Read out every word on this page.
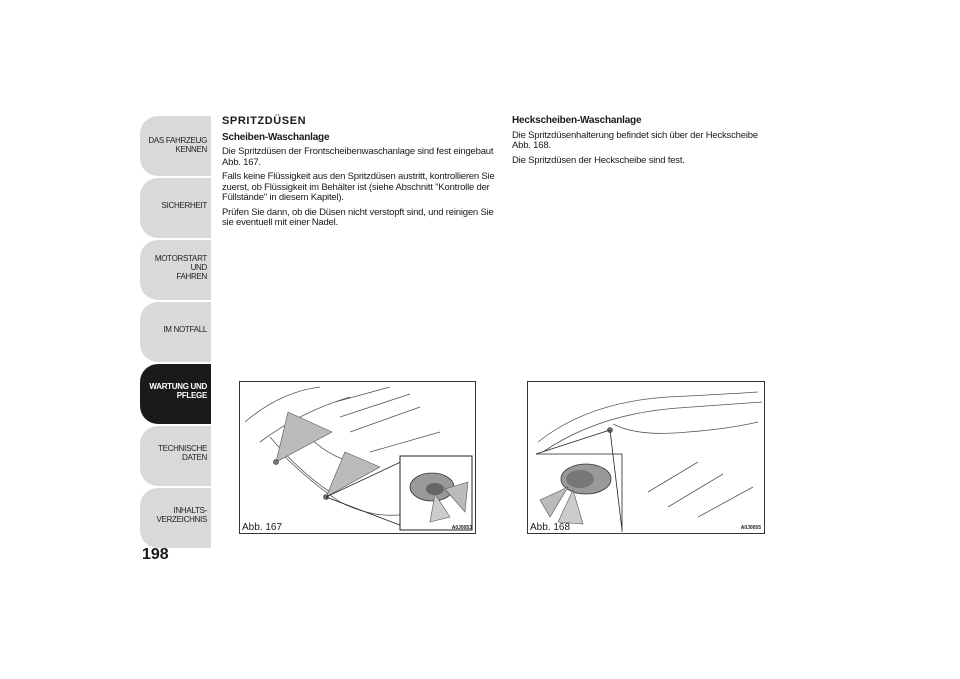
DAS FAHRZEUG
KENNEN
SICHERHEIT
MOTORSTART UND
FAHREN
IM NOTFALL
WARTUNG UND
PFLEGE
TECHNISCHE DATEN
INHALTS-
VERZEICHNIS
198
SPRITZDÜSEN
Scheiben-Waschanlage

Die Spritzdüsen der Frontscheibenwaschanlage sind fest eingebaut Abb. 167.

Falls keine Flüssigkeit aus den Spritzdüsen austritt, kontrollieren Sie zuerst, ob Flüssigkeit im Behälter ist (siehe Abschnitt "Kontrolle der Füllstände" in diesem Kapitel).

Prüfen Sie dann, ob die Düsen nicht verstopft sind, und reinigen Sie sie eventuell mit einer Nadel.

Heckscheiben-Waschanlage

Die Spritzdüsenhalterung befindet sich über der Heckscheibe Abb. 168.

Die Spritzdüsen der Heckscheibe sind fest.

Abb. 167	A0J0053	Abb. 168	A0J0055
